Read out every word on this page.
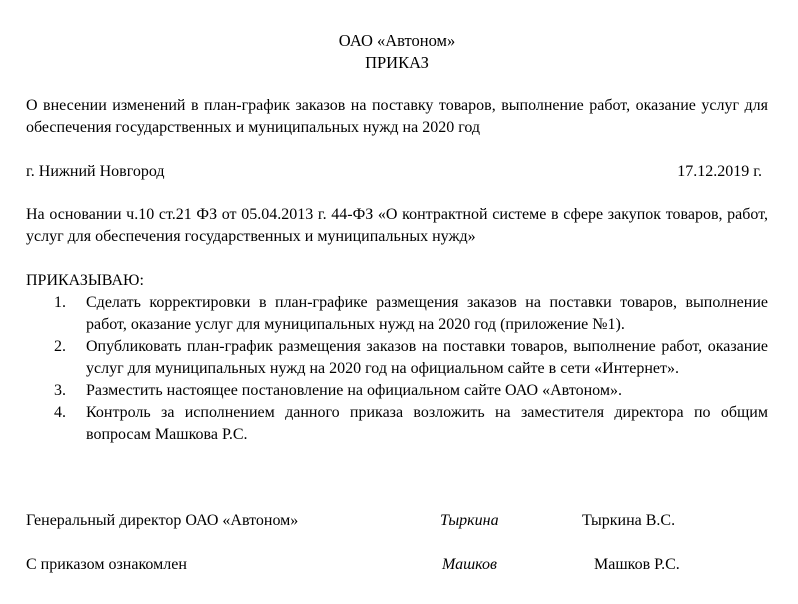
ОАО «Автоном»
ПРИКАЗ
О внесении изменений в план-график заказов на поставку товаров, выполнение работ, оказание услуг для обеспечения государственных и муниципальных нужд на 2020 год
г. Нижний Новгород	17.12.2019 г.
На основании ч.10 ст.21 ФЗ от 05.04.2013 г. 44-ФЗ «О контрактной системе в сфере закупок товаров, работ, услуг для обеспечения государственных и муниципальных нужд»
ПРИКАЗЫВАЮ:
1. Сделать корректировки в план-графике размещения заказов на поставки товаров, выполнение работ, оказание услуг для муниципальных нужд на 2020 год (приложение №1).
2. Опубликовать план-график размещения заказов на поставки товаров, выполнение работ, оказание услуг для муниципальных нужд на 2020 год на официальном сайте в сети «Интернет».
3. Разместить настоящее постановление на официальном сайте ОАО «Автоном».
4. Контроль за исполнением данного приказа возложить на заместителя директора по общим вопросам Машкова Р.С.
Генеральный директор ОАО «Автоном»	Тыркина	Тыркина В.С.
С приказом ознакомлен	Машков	Машков Р.С.
